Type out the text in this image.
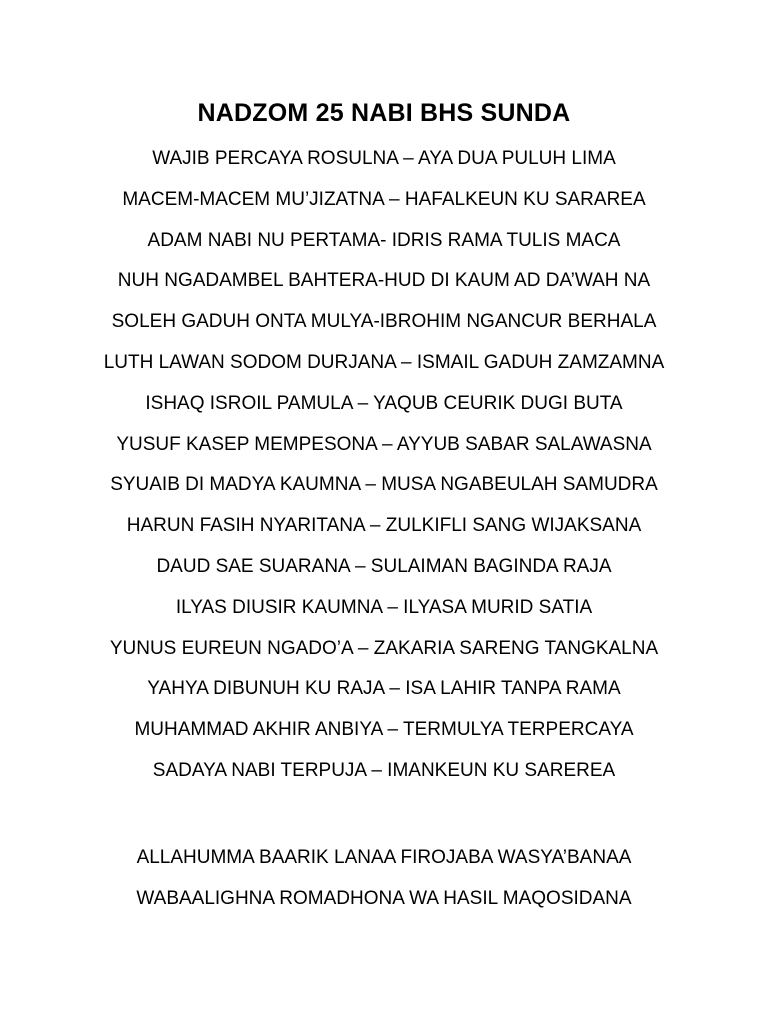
NADZOM 25 NABI BHS SUNDA
WAJIB PERCAYA ROSULNA – AYA DUA PULUH LIMA
MACEM-MACEM MU’JIZATNA – HAFALKEUN KU SARAREA
ADAM NABI NU PERTAMA- IDRIS RAMA TULIS MACA
NUH NGADAMBEL BAHTERA-HUD DI KAUM AD DA’WAH NA
SOLEH GADUH ONTA MULYA-IBROHIM NGANCUR BERHALA
LUTH LAWAN SODOM DURJANA – ISMAIL GADUH ZAMZAMNA
ISHAQ ISROIL PAMULA – YAQUB CEURIK DUGI BUTA
YUSUF KASEP MEMPESONA – AYYUB SABAR SALAWASNA
SYUAIB DI MADYA KAUMNA – MUSA NGABEULAH SAMUDRA
HARUN FASIH NYARITANA – ZULKIFLI SANG WIJAKSANA
DAUD SAE SUARANA – SULAIMAN BAGINDA RAJA
ILYAS DIUSIR KAUMNA – ILYASA MURID SATIA
YUNUS EUREUN NGADO’A – ZAKARIA SARENG TANGKALNA
YAHYA DIBUNUH KU RAJA – ISA LAHIR TANPA RAMA
MUHAMMAD AKHIR ANBIYA – TERMULYA TERPERCAYA
SADAYA NABI TERPUJA – IMANKEUN KU SAREREA
ALLAHUMMA BAARIK LANAA FIROJABA WASYA’BANAA
WABAALIGHNA ROMADHONA WA HASIL MAQOSIDANA
